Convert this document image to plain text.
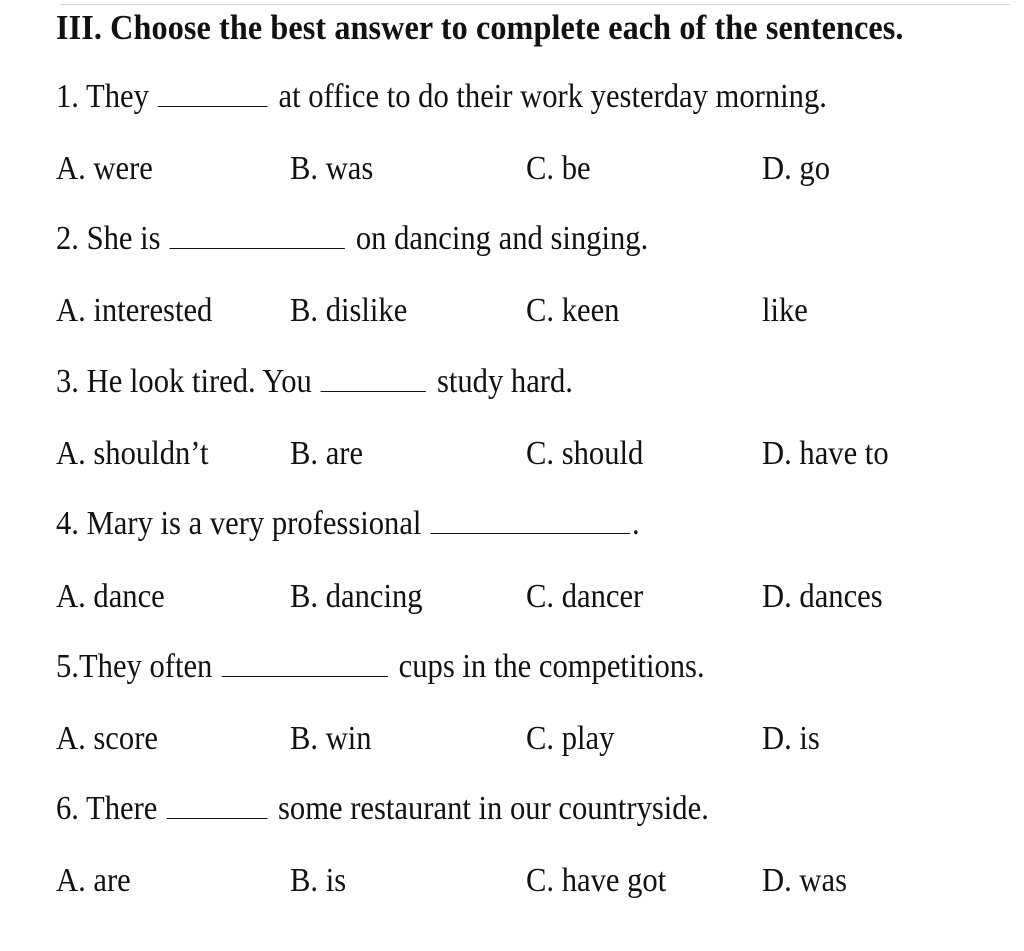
III. Choose the best answer to complete each of the sentences.
1. They	at office to do their work yesterday morning.
A. were	B. was	C. be	D. go
2. She is	on dancing and singing.
A. interested B. dislike	C. keen	like
3. He look tired. You	study hard.
A. shouldn’t B. are	C. should	D. have to
4. Mary is a very professional	.
A. dance	B. dancing	C. dancer	D. dances
5.They often	cups in the competitions.
A. score	B. win	C. play	D. is
6. There	some restaurant in our countryside.
A. are	B. is	C. have got	D. was
